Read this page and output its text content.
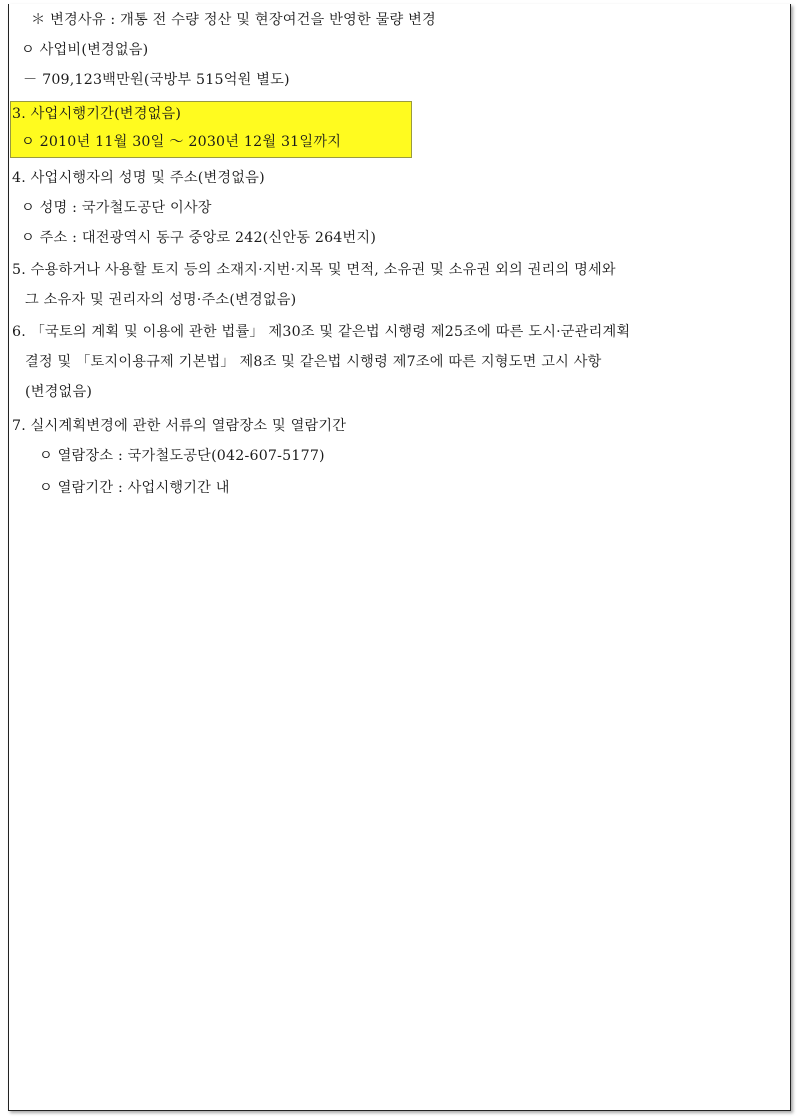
＊ 변경사유 : 개통 전 수량 정산 및 현장여건을 반영한 물량 변경
ㅇ 사업비(변경없음)
－ 709,123백만원(국방부 515억원 별도)
3. 사업시행기간(변경없음)
ㅇ 2010년 11월 30일 ～ 2030년 12월 31일까지
4. 사업시행자의 성명 및 주소(변경없음)
ㅇ 성명 : 국가철도공단 이사장
ㅇ 주소 : 대전광역시 동구 중앙로 242(신안동 264번지)
5. 수용하거나 사용할 토지 등의 소재지·지번·지목 및 면적, 소유권 및 소유권 외의 권리의 명세와
그 소유자 및 권리자의 성명·주소(변경없음)
6. 「국토의 계획 및 이용에 관한 법률」 제30조 및 같은법 시행령 제25조에 따른 도시·군관리계획
결정 및 「토지이용규제 기본법」 제8조 및 같은법 시행령 제7조에 따른 지형도면 고시 사항
(변경없음)
7. 실시계획변경에 관한 서류의 열람장소 및 열람기간
ㅇ 열람장소 : 국가철도공단(042-607-5177)
ㅇ 열람기간 : 사업시행기간 내
